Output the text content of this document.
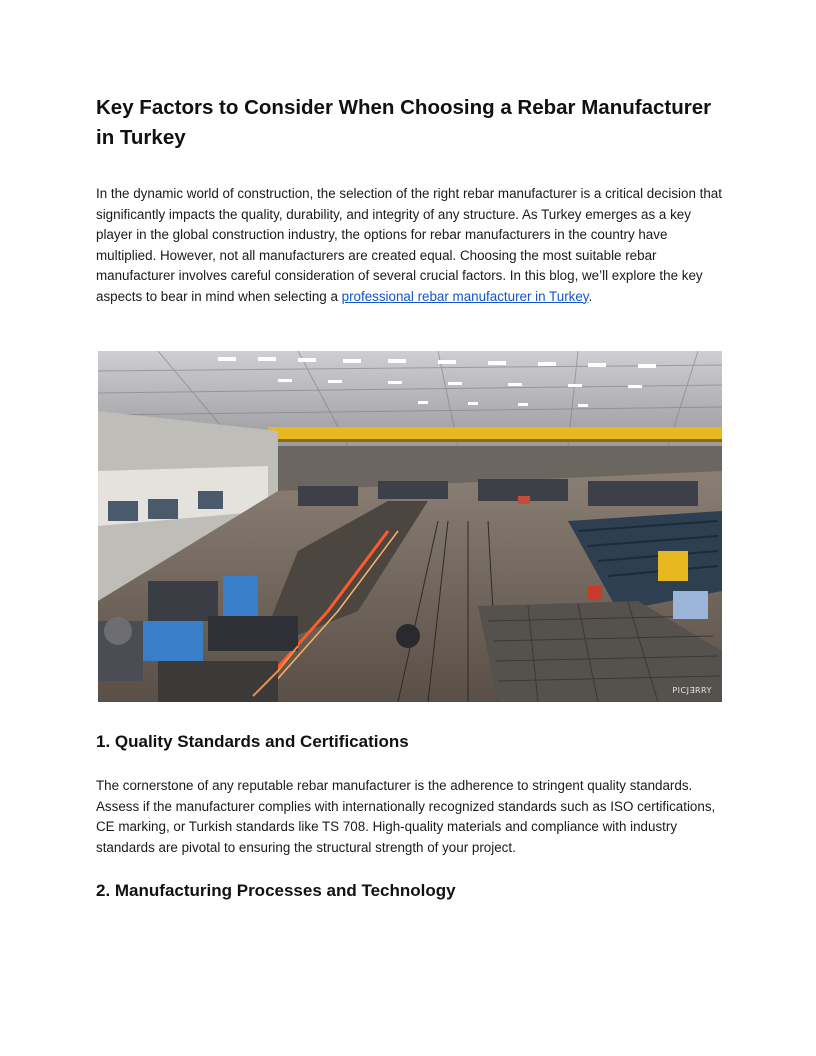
Key Factors to Consider When Choosing a Rebar Manufacturer in Turkey

In the dynamic world of construction, the selection of the right rebar manufacturer is a critical decision that significantly impacts the quality, durability, and integrity of any structure. As Turkey emerges as a key player in the global construction industry, the options for rebar manufacturers in the country have multiplied. However, not all manufacturers are created equal. Choosing the most suitable rebar manufacturer involves careful consideration of several crucial factors. In this blog, we’ll explore the key aspects to bear in mind when selecting a professional rebar manufacturer in Turkey.

PICJ∃RRY
1. Quality Standards and Certifications

The cornerstone of any reputable rebar manufacturer is the adherence to stringent quality standards. Assess if the manufacturer complies with internationally recognized standards such as ISO certifications, CE marking, or Turkish standards like TS 708. High-quality materials and compliance with industry standards are pivotal to ensuring the structural strength of your project.

2. Manufacturing Processes and Technology
